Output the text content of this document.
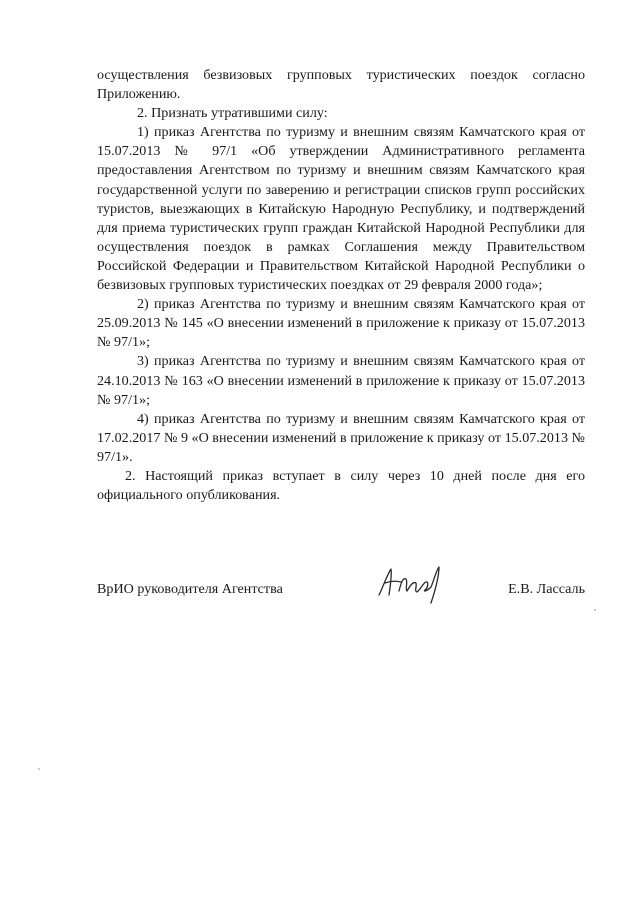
осуществления безвизовых групповых туристических поездок согласно Приложению.

2. Признать утратившими силу:

1) приказ Агентства по туризму и внешним связям Камчатского края от 15.07.2013 № 97/1 «Об утверждении Административного регламента предоставления Агентством по туризму и внешним связям Камчатского края государственной услуги по заверению и регистрации списков групп российских туристов, выезжающих в Китайскую Народную Республику, и подтверждений для приема туристических групп граждан Китайской Народной Республики для осуществления поездок в рамках Соглашения между Правительством Российской Федерации и Правительством Китайской Народной Республики о безвизовых групповых туристических поездках от 29 февраля 2000 года»;

2) приказ Агентства по туризму и внешним связям Камчатского края от 25.09.2013 № 145 «О внесении изменений в приложение к приказу от 15.07.2013 № 97/1»;

3) приказ Агентства по туризму и внешним связям Камчатского края от 24.10.2013 № 163 «О внесении изменений в приложение к приказу от 15.07.2013 № 97/1»;

4) приказ Агентства по туризму и внешним связям Камчатского края от 17.02.2017 № 9 «О внесении изменений в приложение к приказу от 15.07.2013 № 97/1».

2. Настоящий приказ вступает в силу через 10 дней после дня его официального опубликования.

ВрИО руководителя Агентства	Е.В. Лассаль
